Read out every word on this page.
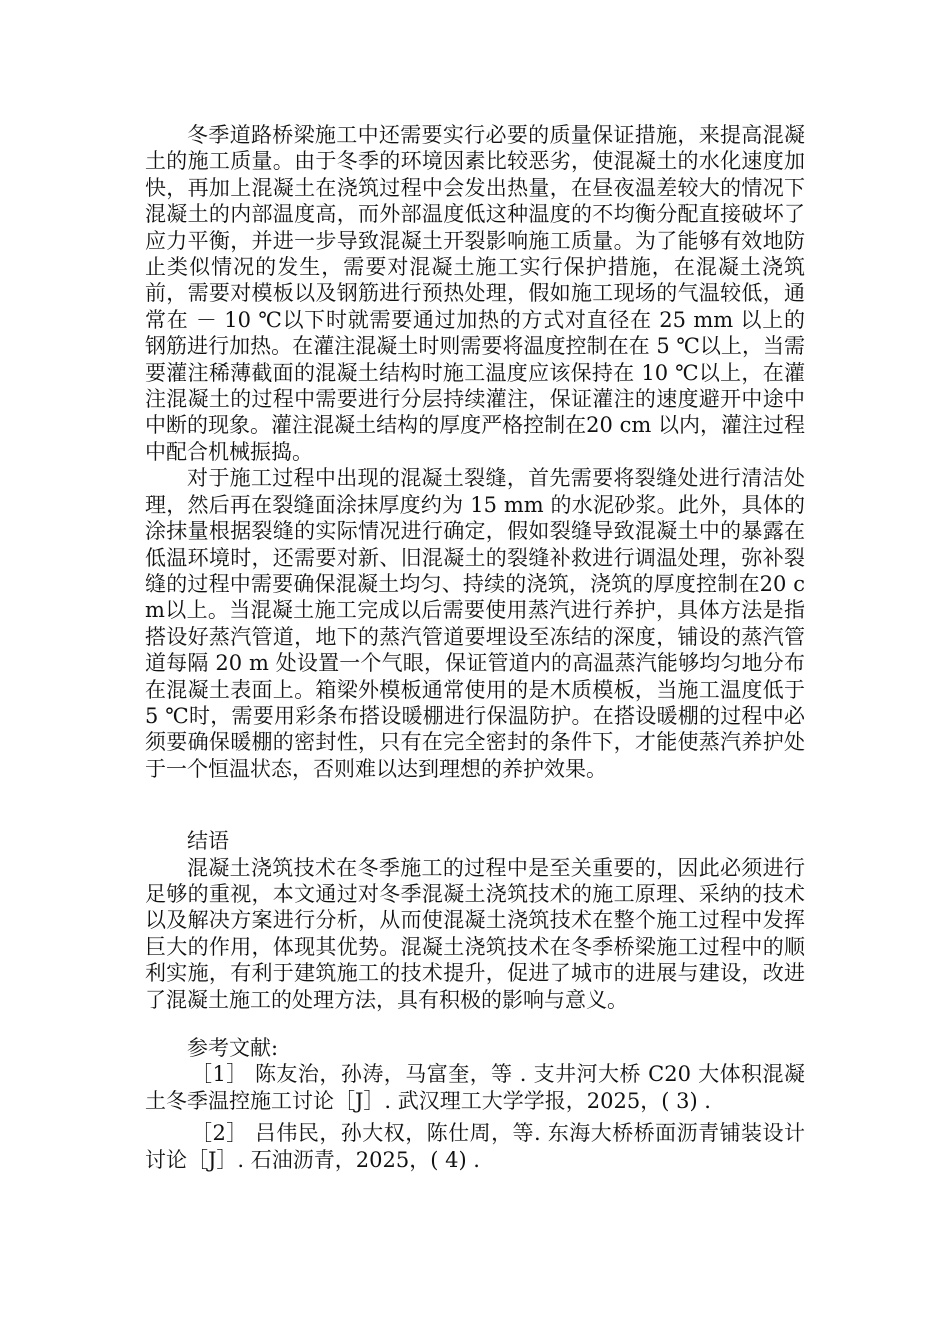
冬季道路桥梁施工中还需要实行必要的质量保证措施，来提高混凝土的施工质量。由于冬季的环境因素比较恶劣，使混凝土的水化速度加快，再加上混凝土在浇筑过程中会发出热量，在昼夜温差较大的情况下混凝土的内部温度高，而外部温度低这种温度的不均衡分配直接破坏了应力平衡，并进一步导致混凝土开裂影响施工质量。为了能够有效地防止类似情况的发生，需要对混凝土施工实行保护措施，在混凝土浇筑前，需要对模板以及钢筋进行预热处理，假如施工现场的气温较低，通常在 － 10 ℃以下时就需要通过加热的方式对直径在 25 mm 以上的钢筋进行加热。在灌注混凝土时则需要将温度控制在在 5 ℃以上，当需要灌注稀薄截面的混凝土结构时施工温度应该保持在 10 ℃以上，在灌注混凝土的过程中需要进行分层持续灌注，保证灌注的速度避开中途中中断的现象。灌注混凝土结构的厚度严格控制在20 cm 以内，灌注过程中配合机械振捣。

对于施工过程中出现的混凝土裂缝，首先需要将裂缝处进行清洁处理，然后再在裂缝面涂抹厚度约为 15 mm 的水泥砂浆。此外，具体的涂抹量根据裂缝的实际情况进行确定，假如裂缝导致混凝土中的暴露在低温环境时，还需要对新、旧混凝土的裂缝补救进行调温处理，弥补裂缝的过程中需要确保混凝土均匀、持续的浇筑，浇筑的厚度控制在20 cm以上。当混凝土施工完成以后需要使用蒸汽进行养护，具体方法是指搭设好蒸汽管道，地下的蒸汽管道要埋设至冻结的深度，铺设的蒸汽管道每隔 20 m 处设置一个气眼，保证管道内的高温蒸汽能够均匀地分布在混凝土表面上。箱梁外模板通常使用的是木质模板，当施工温度低于 5 ℃时，需要用彩条布搭设暖棚进行保温防护。在搭设暖棚的过程中必须要确保暖棚的密封性，只有在完全密封的条件下，才能使蒸汽养护处于一个恒温状态，否则难以达到理想的养护效果。

结语

混凝土浇筑技术在冬季施工的过程中是至关重要的，因此必须进行足够的重视，本文通过对冬季混凝土浇筑技术的施工原理、采纳的技术以及解决方案进行分析，从而使混凝土浇筑技术在整个施工过程中发挥巨大的作用，体现其优势。混凝土浇筑技术在冬季桥梁施工过程中的顺利实施，有利于建筑施工的技术提升，促进了城市的进展与建设，改进了混凝土施工的处理方法，具有积极的影响与意义。

参考文献:

［1］ 陈友治，孙涛，马富奎，等 . 支井河大桥 C20 大体积混凝土冬季温控施工讨论［J］. 武汉理工大学学报，2025，( 3) .

［2］ 吕伟民，孙大权，陈仕周，等. 东海大桥桥面沥青铺装设计讨论［J］. 石油沥青，2025，( 4) .
